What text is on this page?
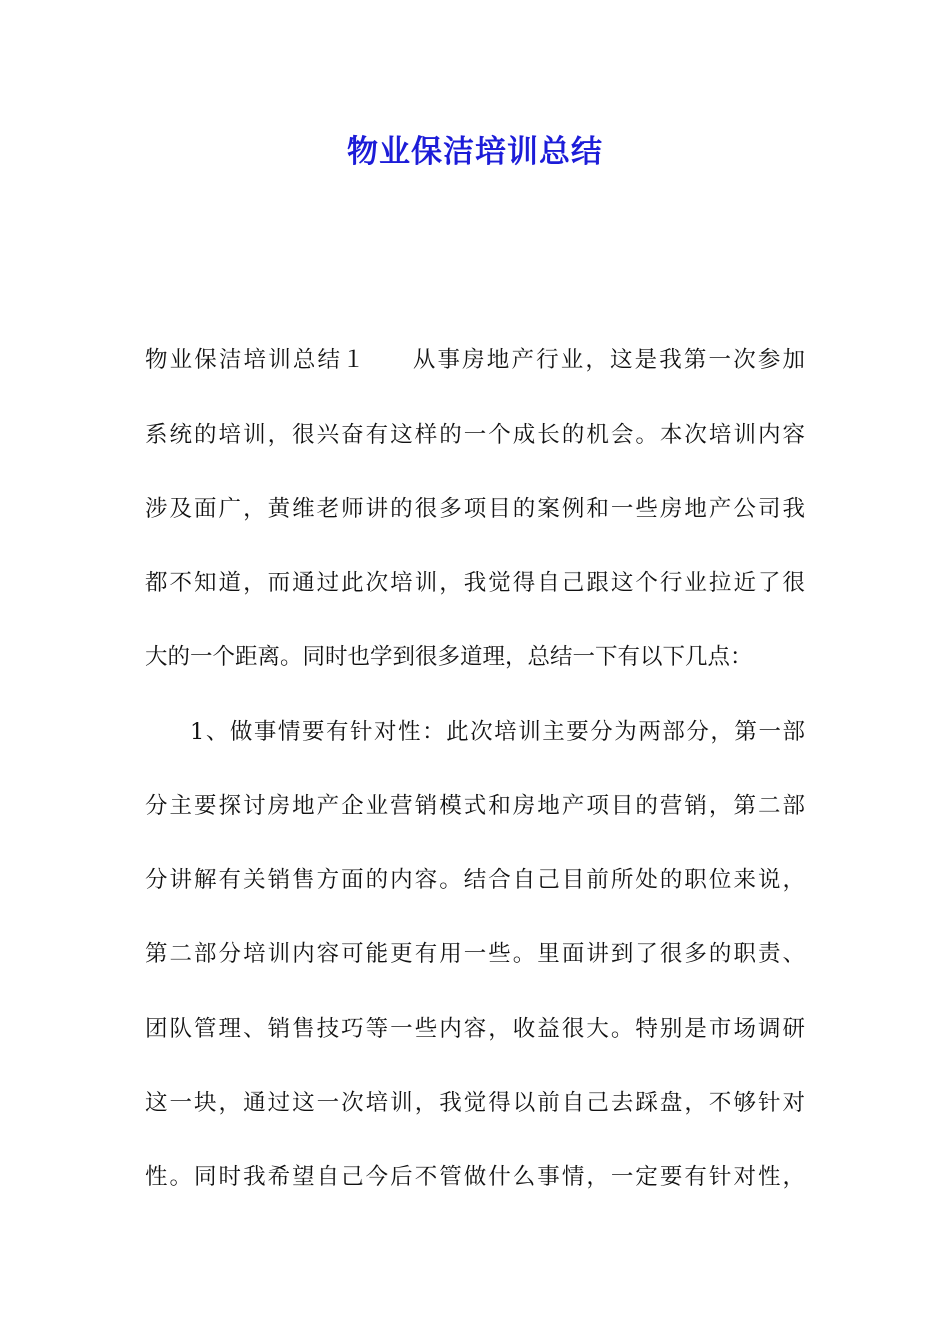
物业保洁培训总结

物业保洁培训总结１ 从事房地产行业，这是我第一次参加

系统的培训，很兴奋有这样的一个成长的机会。本次培训内容

涉及面广，黄维老师讲的很多项目的案例和一些房地产公司我

都不知道，而通过此次培训，我觉得自己跟这个行业拉近了很

大的一个距离。同时也学到很多道理，总结一下有以下几点：

1、做事情要有针对性：此次培训主要分为两部分，第一部

分主要探讨房地产企业营销模式和房地产项目的营销，第二部

分讲解有关销售方面的内容。结合自己目前所处的职位来说，

第二部分培训内容可能更有用一些。里面讲到了很多的职责、

团队管理、销售技巧等一些内容，收益很大。特别是市场调研

这一块，通过这一次培训，我觉得以前自己去踩盘，不够针对

性。同时我希望自己今后不管做什么事情，一定要有针对性，
